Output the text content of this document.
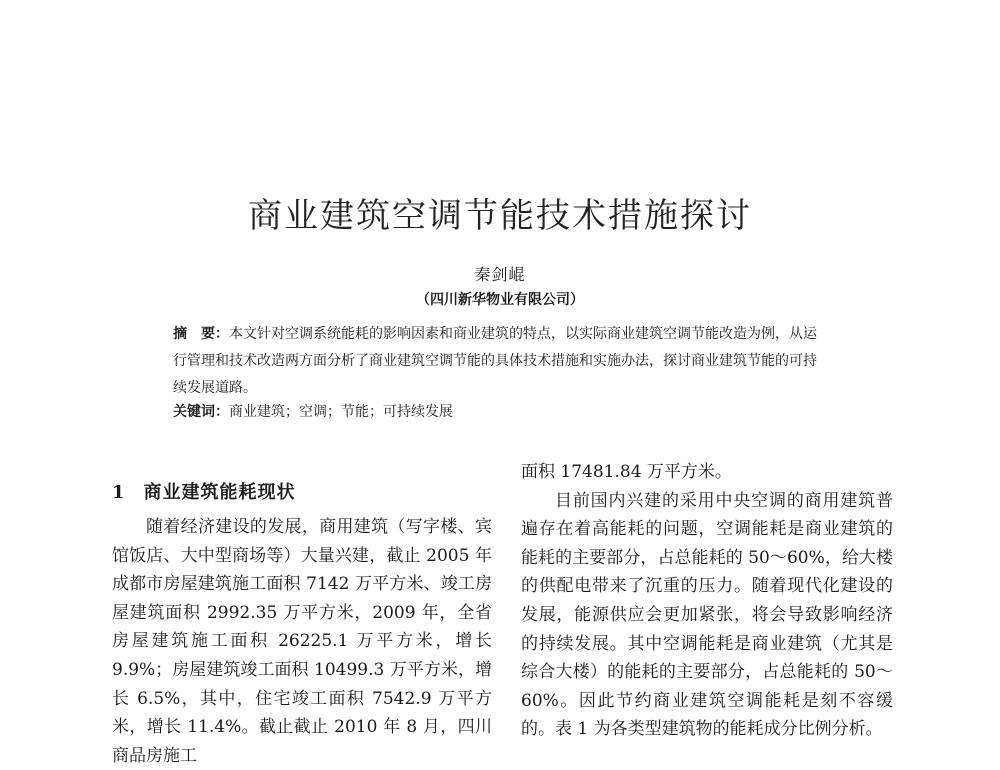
商业建筑空调节能技术措施探讨
秦剑崐
（四川新华物业有限公司）
摘　要：本文针对空调系统能耗的影响因素和商业建筑的特点，以实际商业建筑空调节能改造为例，从运行管理和技术改造两方面分析了商业建筑空调节能的具体技术措施和实施办法，探讨商业建筑节能的可持续发展道路。
关键词：商业建筑；空调；节能；可持续发展
1 商业建筑能耗现状

随着经济建设的发展，商用建筑（写字楼、宾馆饭店、大中型商场等）大量兴建，截止 2005 年成都市房屋建筑施工面积 7142 万平方米、竣工房屋建筑面积 2992.35 万平方米，2009 年，全省房屋建筑施工面积 26225.1 万平方米，增长 9.9%；房屋建筑竣工面积 10499.3 万平方米，增长 6.5%，其中，住宅竣工面积 7542.9 万平方米，增长 11.4%。截止截止 2010 年 8 月，四川商品房施工

面积 17481.84 万平方米。

目前国内兴建的采用中央空调的商用建筑普遍存在着高能耗的问题，空调能耗是商业建筑的能耗的主要部分，占总能耗的 50～60%，给大楼的供配电带来了沉重的压力。随着现代化建设的发展，能源供应会更加紧张，将会导致影响经济的持续发展。其中空调能耗是商业建筑（尤其是综合大楼）的能耗的主要部分，占总能耗的 50～60%。因此节约商业建筑空调能耗是刻不容缓的。表 1 为各类型建筑物的能耗成分比例分析。
